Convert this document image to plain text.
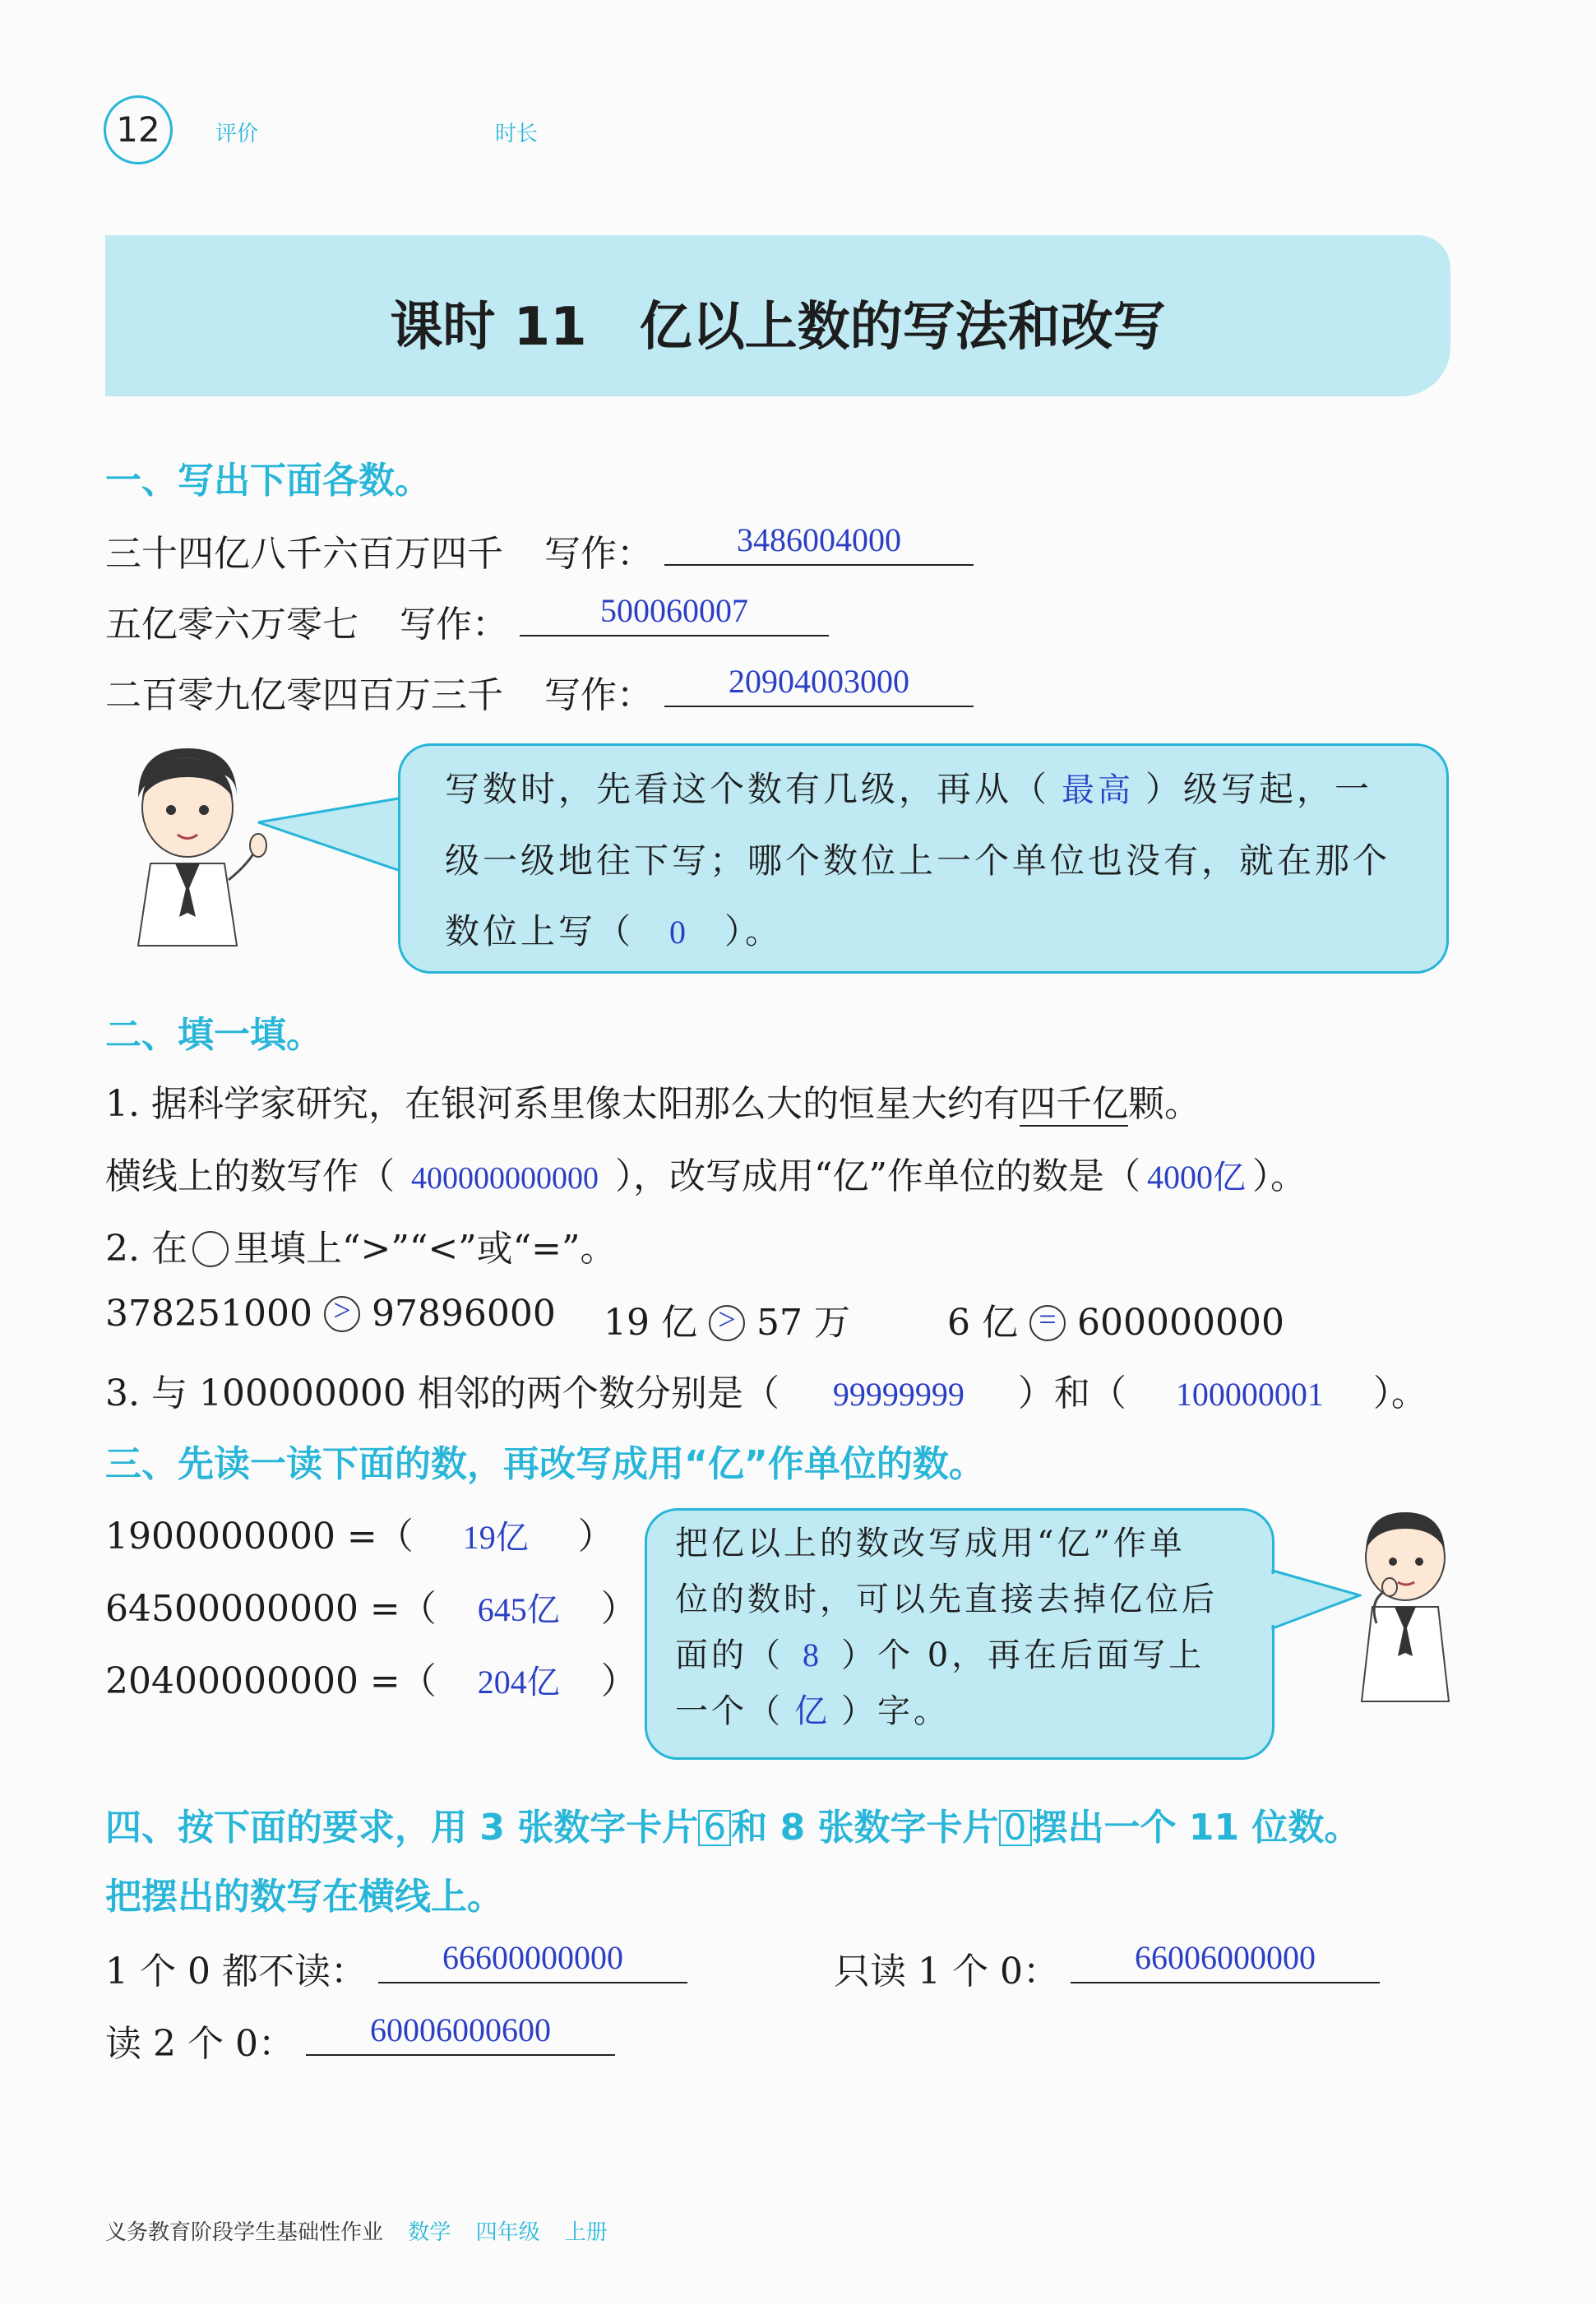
12	评价	时长
课时 11　亿以上数的写法和改写
一、写出下面各数。
三十四亿八千六百万四千 写作：	3486004000
五亿零六万零七 写作：	500060007
二百零九亿零四百万三千 写作：	20904003000
写数时，先看这个数有几级，再从（ 最高 ）级写起，一
级一级地往下写；哪个数位上一个单位也没有，就在那个
数位上写（ 0 ）。
二、填一填。
1. 据科学家研究，在银河系里像太阳那么大的恒星大约有四千亿颗。
横线上的数写作（ 400000000000 ），改写成用“亿”作单位的数是（ 4000亿 ）。
2. 在 里填上“>”“<”或“=”。
378251000 > 97896000 19 亿 > 57 万	6 亿 = 600000000
3. 与 100000000 相邻的两个数分别是（ 99999999 ）和（ 100000001 ）。
三、先读一读下面的数，再改写成用“亿”作单位的数。
1900000000 =（ 19亿 ）
64500000000 =（ 645亿 ）
20400000000 =（ 204亿 ）
把亿以上的数改写成用“亿”作单
位的数时，可以先直接去掉亿位后
面的（ 8 ）个 0，再在后面写上
一个（ 亿 ）字。
四、按下面的要求，用 3 张数字卡片 6 和 8 张数字卡片 0 摆出一个 11 位数。
把摆出的数写在横线上。
1 个 0 都不读：	66600000000	只读 1 个 0：	66006000000
读 2 个 0：	60006000600
义务教育阶段学生基础性作业 数学 四年级 上册
